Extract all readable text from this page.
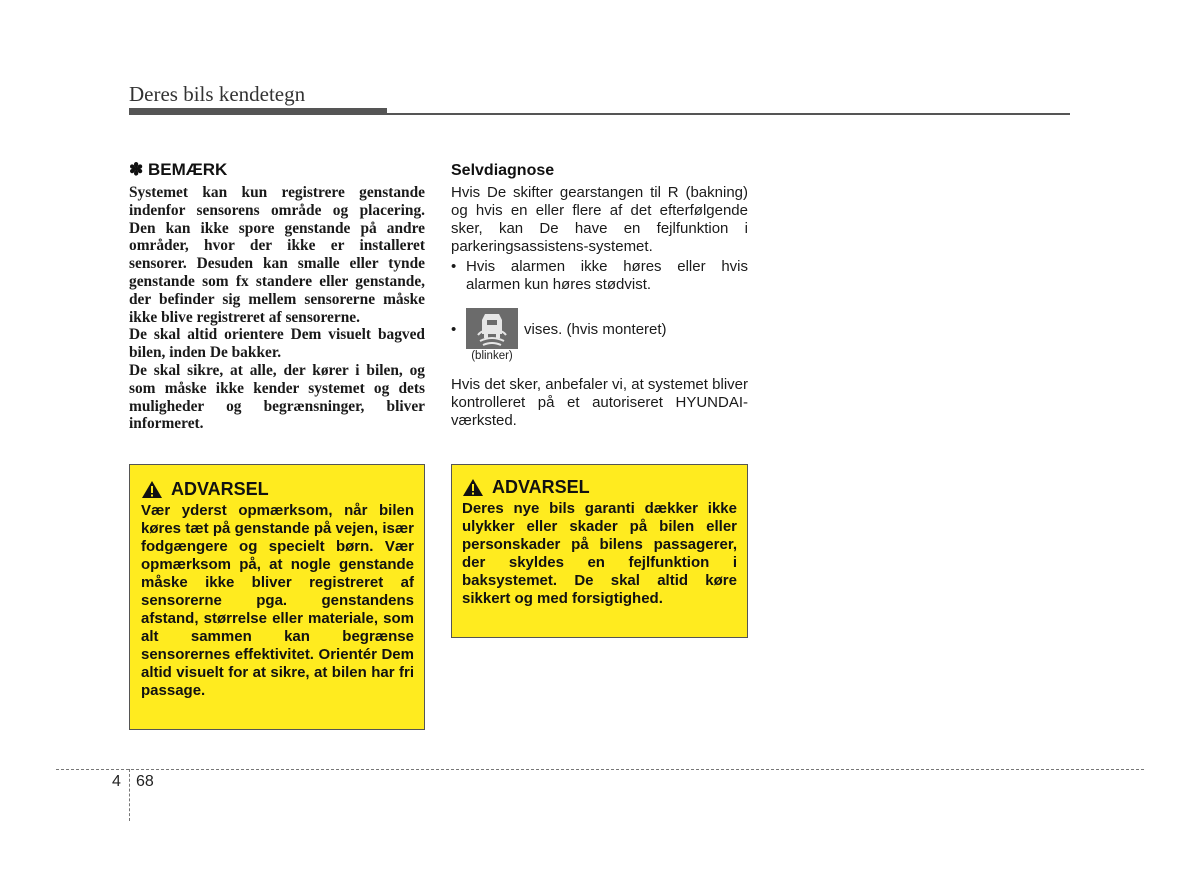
Deres bils kendetegn
✽ BEMÆRK

Systemet kan kun registrere genstande indenfor sensorens område og placering. Den kan ikke spore genstande på andre områder, hvor der ikke er installeret sensorer. Desuden kan smalle eller tynde genstande som fx standere eller genstande, der befinder sig mellem sensorerne måske ikke blive registreret af sensorerne.

De skal altid orientere Dem visuelt bagved bilen, inden De bakker.

De skal sikre, at alle, der kører i bilen, og som måske ikke kender systemet og dets muligheder og begrænsninger, bliver informeret.

ADVARSEL

Vær yderst opmærksom, når bilen køres tæt på genstande på vejen, især fodgængere og specielt børn. Vær opmærksom på, at nogle genstande måske ikke bliver registreret af sensorerne pga. genstandens afstand, størrelse eller materiale, som alt sammen kan begrænse sensorernes effektivitet. Orientér Dem altid visuelt for at sikre, at bilen har fri passage.

Selvdiagnose

Hvis De skifter gearstangen til R (bakning) og hvis en eller flere af det efterfølgende sker, kan De have en fejlfunktion i parkeringsassistens-systemet.

• Hvis alarmen ikke høres eller hvis alarmen kun høres stødvist.
•
(blinker)
vises. (hvis monteret)

Hvis det sker, anbefaler vi, at systemet bliver kontrolleret på et autoriseret HYUNDAI-værksted.

ADVARSEL

Deres nye bils garanti dækker ikke ulykker eller skader på bilen eller personskader på bilens passagerer, der skyldes en fejlfunktion i baksystemet. De skal altid køre sikkert og med forsigtighed.

4 68
